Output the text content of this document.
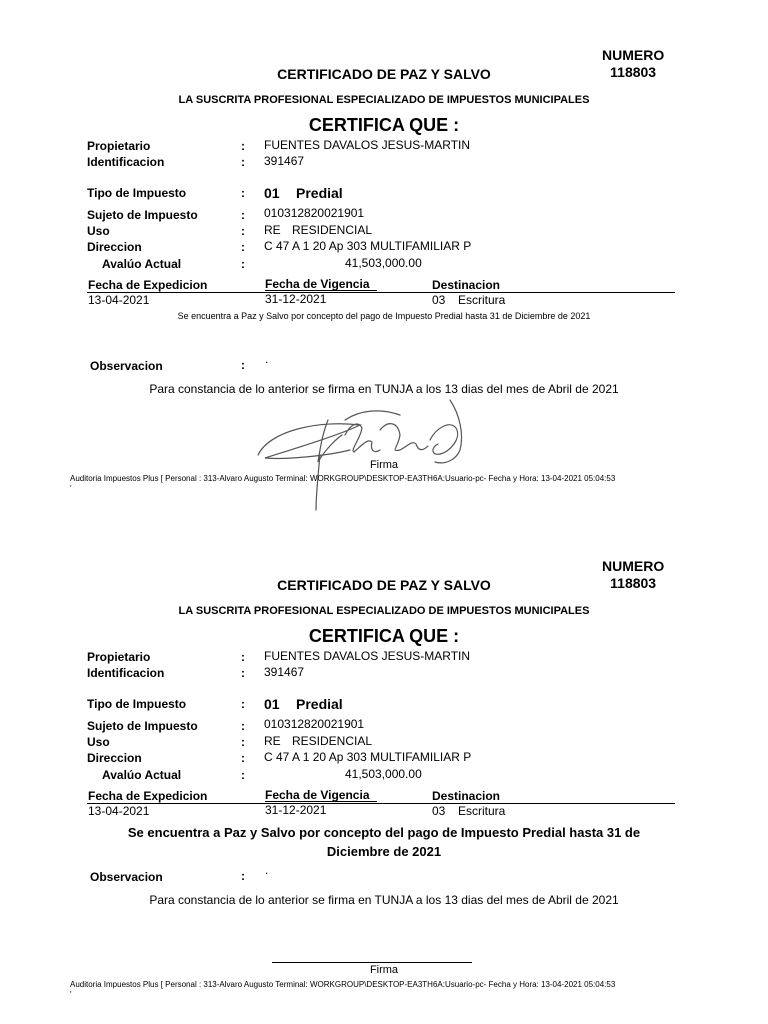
NUMERO
118803
CERTIFICADO DE PAZ Y SALVO
LA SUSCRITA PROFESIONAL ESPECIALIZADO DE IMPUESTOS MUNICIPALES
CERTIFICA QUE :
Propietario	: FUENTES DAVALOS JESUS-MARTIN
Identificacion	: 391467
Tipo de Impuesto	: 01 Predial
Sujeto de Impuesto	: 010312820021901
Uso	: RE RESIDENCIAL
Direccion	: C 47 A 1 20 Ap 303 MULTIFAMILIAR P
Avalúo Actual	:	41,503,000.00
Fecha de Expedicion	Fecha de Vigencia	Destinacion
13-04-2021	31-12-2021	03 Escritura
Se encuentra a Paz y Salvo por concepto del pago de Impuesto Predial hasta 31 de Diciembre de 2021
Observacion	: .
Para constancia de lo anterior se firma en TUNJA a los 13 dias del mes de Abril de 2021
Firma
Auditoria Impuestos Plus [ Personal : 313-Alvaro Augusto Terminal: WORKGROUP\DESKTOP-EA3TH6A:Usuario-pc- Fecha y Hora: 13-04-2021 05:04:53
'
NUMERO
118803
CERTIFICADO DE PAZ Y SALVO
LA SUSCRITA PROFESIONAL ESPECIALIZADO DE IMPUESTOS MUNICIPALES
CERTIFICA QUE :
Propietario	: FUENTES DAVALOS JESUS-MARTIN
Identificacion	: 391467
Tipo de Impuesto	: 01 Predial
Sujeto de Impuesto	: 010312820021901
Uso	: RE RESIDENCIAL
Direccion	: C 47 A 1 20 Ap 303 MULTIFAMILIAR P
Avalúo Actual	:	41,503,000.00
Fecha de Expedicion	Fecha de Vigencia	Destinacion
13-04-2021	31-12-2021	03 Escritura
Se encuentra a Paz y Salvo por concepto del pago de Impuesto Predial hasta 31 de Diciembre de 2021
Observacion	: .
Para constancia de lo anterior se firma en TUNJA a los 13 dias del mes de Abril de 2021
Firma
Auditoria Impuestos Plus [ Personal : 313-Alvaro Augusto Terminal: WORKGROUP\DESKTOP-EA3TH6A:Usuario-pc- Fecha y Hora: 13-04-2021 05:04:53
'
